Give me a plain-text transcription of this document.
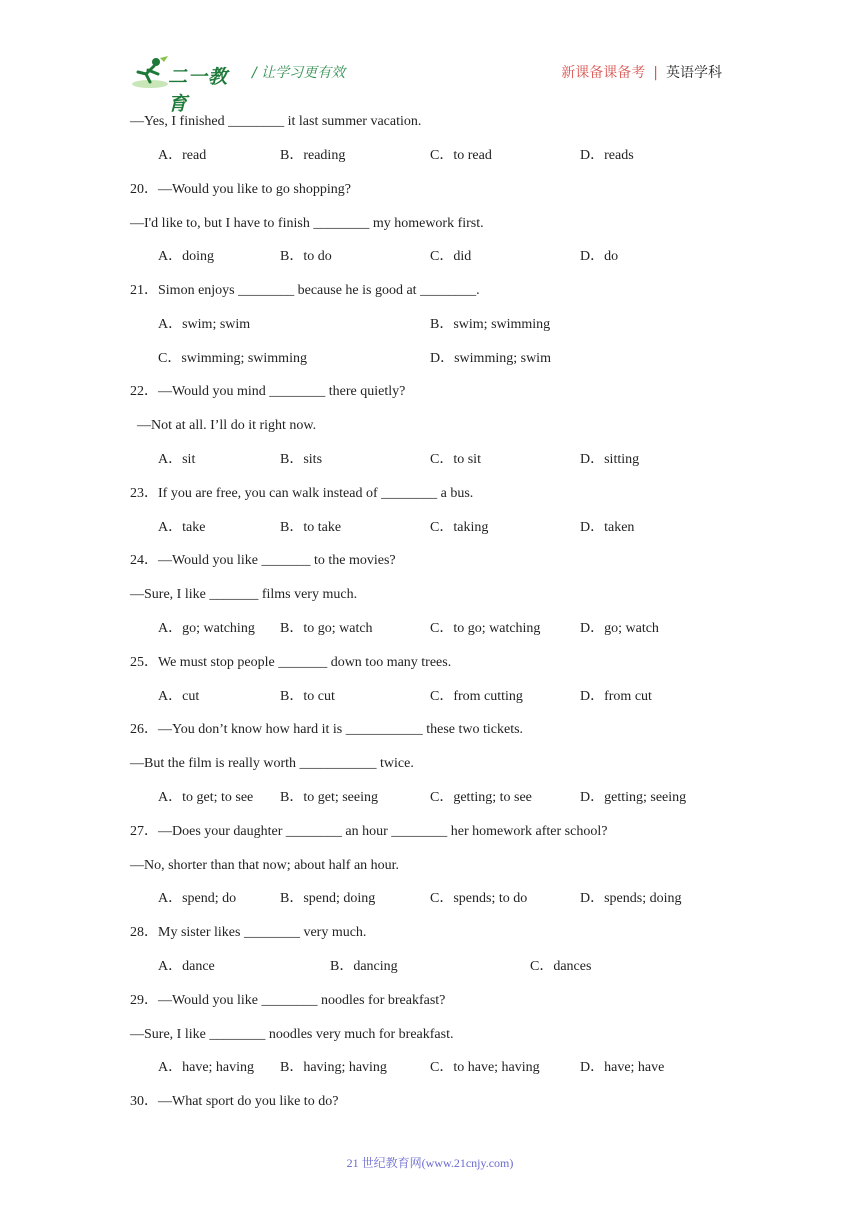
二一教育
/ 让学习更有效	新课备课备考 | 英语学科
—Yes, I finished ________ it last summer vacation.
A．read	B．reading	C．to read	D．reads
20．—Would you like to go shopping?
—I'd like to, but I have to finish ________ my homework first.
A．doing	B．to do	C．did	D．do
21．Simon enjoys ________ because he is good at ________.
A．swim; swim	B．swim; swimming
C．swimming; swimming	D．swimming; swim
22．—Would you mind ________ there quietly?
—Not at all. I’ll do it right now.
A．sit	B．sits	C．to sit	D．sitting
23．If you are free, you can walk instead of ________ a bus.
A．take	B．to take	C．taking	D．taken
24．—Would you like _______ to the movies?
—Sure, I like _______ films very much.
A．go; watching B．to go; watch	C．to go; watching	D．go; watch
25．We must stop people _______ down too many trees.
A．cut	B．to cut	C．from cutting	D．from cut
26．—You don’t know how hard it is ___________ these two tickets.
—But the film is really worth ___________ twice.
A．to get; to see B．to get; seeing	C．getting; to see	D．getting; seeing
27．—Does your daughter ________ an hour ________ her homework after school?
—No, shorter than that now; about half an hour.
A．spend; do	B．spend; doing	C．spends; to do	D．spends; doing
28．My sister likes ________ very much.
A．dance	B．dancing	C．dances
29．—Would you like ________ noodles for breakfast?
—Sure, I like ________ noodles very much for breakfast.
A．have; having B．having; having	C．to have; having	D．have; have
30．—What sport do you like to do?
21 世纪教育网(www.21cnjy.com)
